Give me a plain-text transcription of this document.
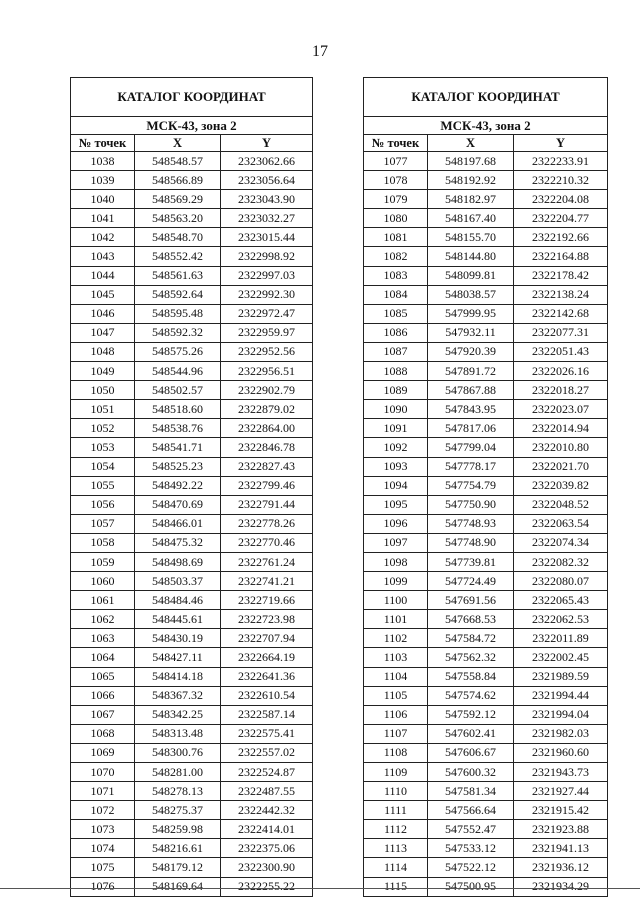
17
КАТАЛОГ КООРДИНАТ		
МСК-43, зона 2		
№ точек	X	Y
1038	548548.57	2323062.66
1039	548566.89	2323056.64
1040	548569.29	2323043.90
1041	548563.20	2323032.27
1042	548548.70	2323015.44
1043	548552.42	2322998.92
1044	548561.63	2322997.03
1045	548592.64	2322992.30
1046	548595.48	2322972.47
1047	548592.32	2322959.97
1048	548575.26	2322952.56
1049	548544.96	2322956.51
1050	548502.57	2322902.79
1051	548518.60	2322879.02
1052	548538.76	2322864.00
1053	548541.71	2322846.78
1054	548525.23	2322827.43
1055	548492.22	2322799.46
1056	548470.69	2322791.44
1057	548466.01	2322778.26
1058	548475.32	2322770.46
1059	548498.69	2322761.24
1060	548503.37	2322741.21
1061	548484.46	2322719.66
1062	548445.61	2322723.98
1063	548430.19	2322707.94
1064	548427.11	2322664.19
1065	548414.18	2322641.36
1066	548367.32	2322610.54
1067	548342.25	2322587.14
1068	548313.48	2322575.41
1069	548300.76	2322557.02
1070	548281.00	2322524.87
1071	548278.13	2322487.55
1072	548275.37	2322442.32
1073	548259.98	2322414.01
1074	548216.61	2322375.06
1075	548179.12	2322300.90
1076	548169.64	2322255.22
КАТАЛОГ КООРДИНАТ		
МСК-43, зона 2		
№ точек	X	Y
1077	548197.68	2322233.91
1078	548192.92	2322210.32
1079	548182.97	2322204.08
1080	548167.40	2322204.77
1081	548155.70	2322192.66
1082	548144.80	2322164.88
1083	548099.81	2322178.42
1084	548038.57	2322138.24
1085	547999.95	2322142.68
1086	547932.11	2322077.31
1087	547920.39	2322051.43
1088	547891.72	2322026.16
1089	547867.88	2322018.27
1090	547843.95	2322023.07
1091	547817.06	2322014.94
1092	547799.04	2322010.80
1093	547778.17	2322021.70
1094	547754.79	2322039.82
1095	547750.90	2322048.52
1096	547748.93	2322063.54
1097	547748.90	2322074.34
1098	547739.81	2322082.32
1099	547724.49	2322080.07
1100	547691.56	2322065.43
1101	547668.53	2322062.53
1102	547584.72	2322011.89
1103	547562.32	2322002.45
1104	547558.84	2321989.59
1105	547574.62	2321994.44
1106	547592.12	2321994.04
1107	547602.41	2321982.03
1108	547606.67	2321960.60
1109	547600.32	2321943.73
1110	547581.34	2321927.44
1111	547566.64	2321915.42
1112	547552.47	2321923.88
1113	547533.12	2321941.13
1114	547522.12	2321936.12
1115	547500.95	2321934.29
